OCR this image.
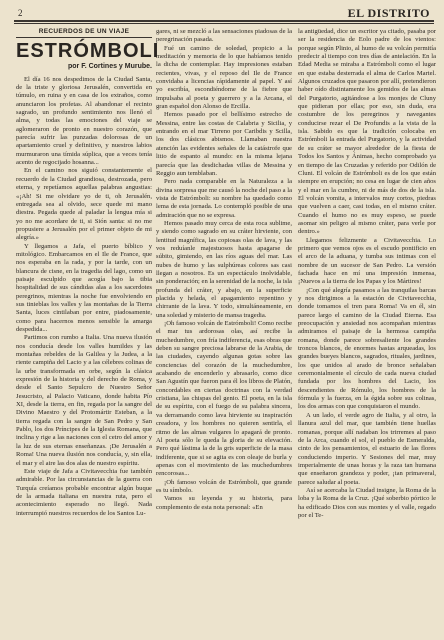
2	EL DISTRITO
RECUERDOS DE UN VIAJE
ESTRÓMBOLI
por F. Cortines y Murube.

El día 16 nos despedimos de la Ciudad Santa, de la triste y gloriosa Jerusalén, convertida en túmulo, en ruina y en casa de los extraños, como anunciaron los profetas. Al abandonar el recinto sagrado, un profundo sentimiento nos llenó el alma, y todas las emociones del viaje se aglomeraron de pronto en nuestro corazón, que parecía sufrir las punzadas dolorosas de un apartamiento cruel y definitivo, y nuestros labios murmuraron una tímida súplica, que a veces tenía acento de regocijado hosanna...

En el camino nos siguió constantemente el recuerdo de la Ciudad grandiosa, destrozada, pero eterna, y repetíamos aquellas palabras angustias: «¡Ah! Si me olvidare yo de ti, oh Jerusalén, entregada sea al olvido, sece quede mi mano diestra. Pegada quede al paladar la lengua mía si yo no me acordare de ti, si Sión santa: si no me propusiere a Jerusalén por el primer objeto de mi alegría.»

Y llegamos a Jafa, el puerto bíblico y mitológico. Embarcamos en el Ile de France, que nos esperaba en la rada, y por la tarde, con un blancura de cisne, en la tragedia del lago, como un paisaje esculpido que acogía bajo la tibia hospitalidad de sus cándidas alas a los sacerdotes peregrinos, mientras la noche fue envolviendo en sus tinieblas los valles y las montañas de la Tierra Santa, luces cintilaban por entre, piadosamente, como para hacernos menos sensible la amarga despedida...

Partimos con rumbo a Italia. Una nueva ilusión nos conducía desde los valles humildes y las montañas rebeldes de la Galilea y la Judea, a la riente campiña del Lacio y a las célebres colinas de la urbe transformada en orbe, según la clásica expresión de la historia y del derecho de Roma, y desde el Santo Sepulcro de Nuestro Señor Jesucristo, al Palacio Vaticano, donde habita Pío XI, desde la tierra, en fin, regada por la sangre del Divino Maestro y del Protomártir Esteban, a la tierra regada con la sangre de San Pedro y San Pablo, los dos Príncipes de la Iglesia Romana, que inclina y rige a las naciones con el cetro del amor y la luz de sus eternas enseñanzas. ¡De Jerusalén a Roma! Una nueva ilusión nos conducía, y, sin ella, el mar y el aire las dos alas de nuestro espíritu.

Este viaje de Jafa a Civitavecchia fue también admirable. Por las circunstancias de la guerra con Turquía creíamos probable encontrar algún buque de la armada italiana en nuestra ruta, pero el acontecimiento esperado no llegó. Nada interrumpió nuestros recuerdos de los Santos Lu-

gares, ni se mezcló a las sensaciones piadosas de la peregrinación pasada.

Fué un camino de soledad, propicio a la meditación y memoria de lo que habíamos tenido la dicha de contemplar. Hay impresiones estaban recientes, vivas, y el reposo del Ile de France convidaba a licencias rápidamente al papel. Y así yo escribía, escondiéndome de la fiebre que impulsaba al poeta y guerrero y a la Arcana, el gran español don Alonso de Ercilla.

Hemos pasado por el bellísimo estrecho de Messina, entre las costas de Calabria y Sicilia, y entrando en el mar Tirreno por Caribdis y Scilla, los dos clásicos abismos. Llamaban nuestra atención las evidentes señales de la catástrofe que litio de espanto al mundo: en la misma lejana parecía que las desdichadas villas de Messina y Reggio aun temblaban.

Pero nada comparable en la Naturaleza a la divina sorpresa que me causó la noche del paso a la vista de Estrómboli: su nombre ha quedado como lema de esta jornada. Lo contempló posible de una admiración que no se expresa.

Hemos pasado muy cerca de esta roca sublime, y siendo como sagrado en su cráter hirviente, con lentitud magnífica, las copiosas olas de lava, y las vos reduíanle majestuosos hasta apagarse de súbito, gimiendo, en las ríos aguas del mar. Las nubes de humo y las sulphúreas colores sas casi llegan a nosotros. Es un espectáculo inolvidable, sin ponderación; en la serenidad de la noche, la isla profunda del cráter, y abajo, en la superficie placida y helada, el apagamiento repentino y chirrante de la lava. Y todo, simultáneamente, en una soledad y misterio de mansa tragedia.

¡Oh famoso volcán de Estrómboli! Como recibe el mar tus ardorosas olas, así recibe la muchedumbre, con fría indiferencia, esas obras que deben su sangre preciosa labrarse de la Arabia, de las ciudades, cayendo algunas gotas sobre las conciencias del corazón de la muchedumbre, acabando de encenderlo y abrasarlo, como dice San Agustín que fueron para él los libros de Platón, concordables en ciertas doctrinas con la verdad cristiana, las chispas del genio. El poeta, en la isla de su espíritu, con el fuego de su palabra sincera, va derramando como lava hirviente su inspiración creadora, y los hombres no quieren sentirla, el ritmo de las almas vulgares lo apagará de pronto. Al poeta sólo le queda la gloria de su elevación. Pero qué lástima la de la gris superficie de la masa indiferente, que si se agita es con oleaje de burla y apenas con el movimiento de las muchedumbres rencorosas...

¡Oh famoso volcán de Estrómboli, que grande es tu símbolo.

Vamos su leyenda y su historia, para complemento de esta nota personal: «En

la antigüedad, dice un escritor ya citado, pasaba por ser la residencia de Eolo padre de los vientos: porque según Plinio, al humo de su volcán permitía predecir al tiempo con tres días de antelación. En la Edad Media se miraba a Estrómboli como el lugar en que estaba desterrada el alma de Carlos Martel. Algunos cruzados que pasaron por allí, pretendieron haber oído distintamente los gemidos de las almas del Purgatorio, agitándose a los monjes de Cluny que pidieran por ellas; por eso, sin duda, era costumbre de los peregrinos y navegantes conducirse rezar el De Profundis a la vista de la isla. Sabido es que la tradición colocaba en Estrómboli la entrada del Purgatorio, y la actividad de su cráter se mayor alrededor de la fiesta de Todos los Santos y Ánimas, hecho comprobado ya en tiempo de las Cruzadas y referido por Odilón de Cluni. El volcán de Estrómboli es de los que están siempre en erupción; no cesa en lugar de cien años y el mar en la cumbre, ni de más de dos de la isla. El volcán vomita, a intervalos muy cortos, piedras que vuelven a caer, casi todas, en el mismo cráter. Cuando el humo no es muy espeso, se puede asomar sin peligro al mismo cráter, para verle por dentro.»

Llegamos felizmente a Civitavecchia. Lo primero que vemos ojos es el escudo pontificio en el arco de la aduana, y tumba sus intimas con el nombre de un sucesor de San Pedro. La versión fachada hace en mí una impresión inmensa, ¡Nuevos a la tierra de los Papas y los Mártires!

¡Con qué alegría pasamos a las tranquilas barcas y nos dirigimos a la estación de Civitavecchia, donde tomamos el tren para Roma! Va en él, sin parece largo el camino de la Ciudad Eterna. Esa preocupación y ansiedad nos acompañan mientras admiramos el paisaje de la hermosa campiña romana, donde parece sobresaliente los grandes troncos blancos, de enormes hastas arqueadas, los grandes bueyes blancos, sagrados, rituales, jardines, los que unidos al arado de bronce señalaban ceremonialmente el círculo de cada nueva ciudad fundada por los hombres del Lacio, los descendientes de Rómulo, los hombres de la fórmula y la fuerza, en la égida sobre sus colinas, los dos armas con que conquistaron el mundo.

A un lado, el verde agro de Italia, y al otro, la llanura azul del mar, que también tiene huellas romanas, porque allí nadaban los trirremes al paso de la Arca, cuando el sol, el pueblo de Esmeralda, cinto de los pensamientos, el estuario de las flores conduciendo imperio. Y Sesiones del mar, muy imperialmente de unas horas y la raza tan humana que enseñaron grandeza y poder, ¡tan primaveral, parece saludar al poeta.

Así se acercaba la Ciudad insigne, la Roma de la loba y la Roma de la Cruz. ¡Qué soberbio pórtico le ha edificado Dios con sus montes y el valle, regado por el Te-
